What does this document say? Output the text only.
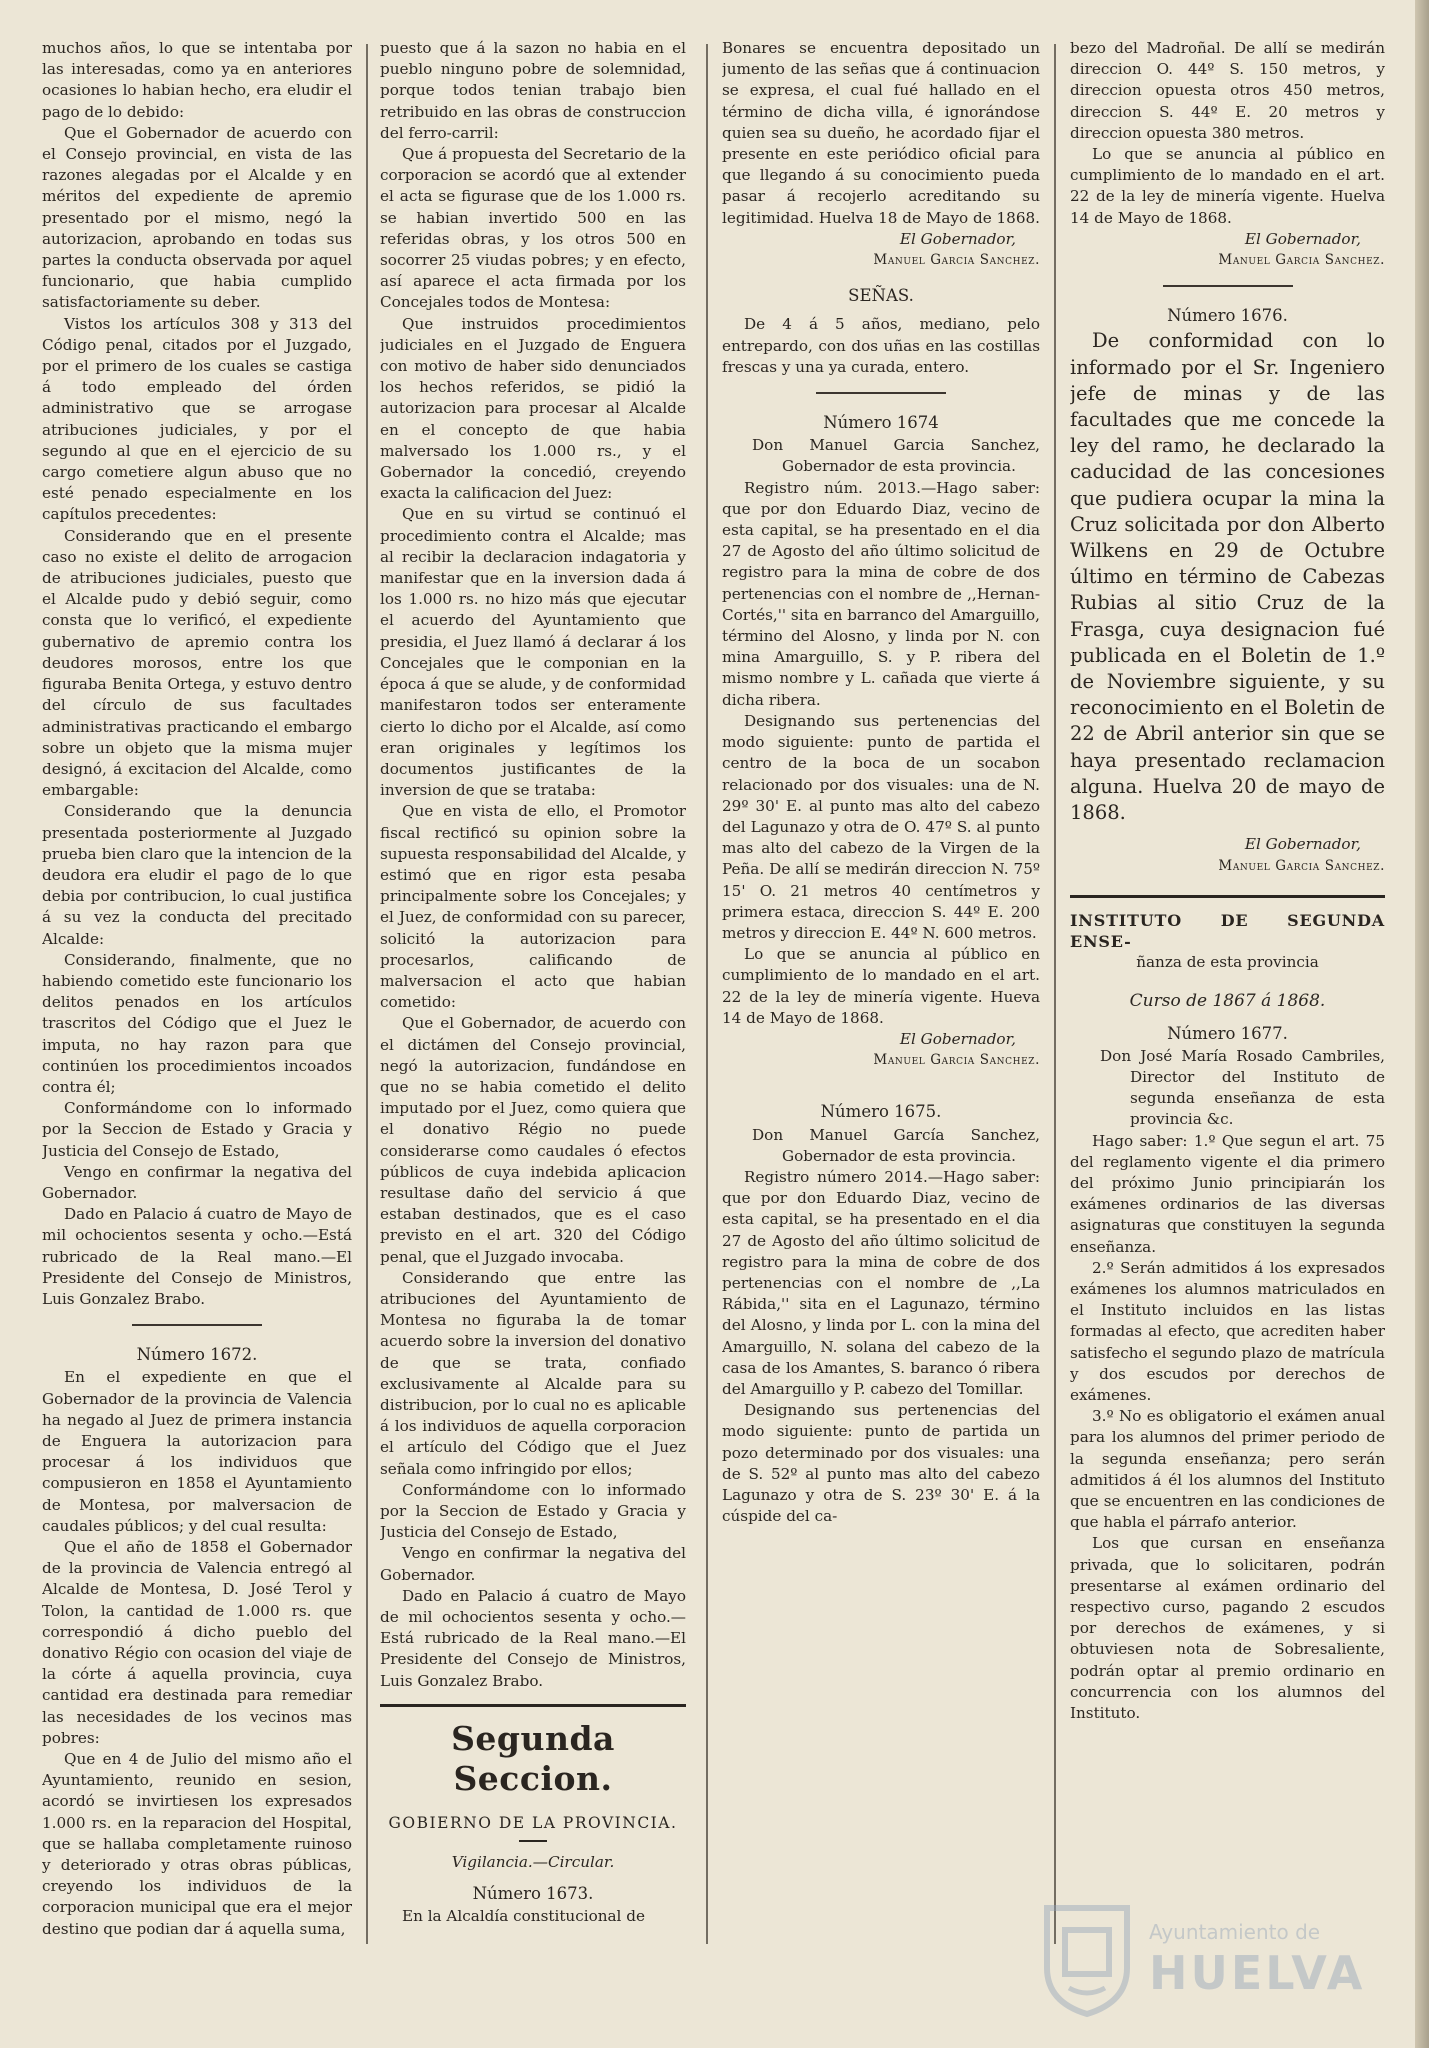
muchos años, lo que se intentaba por las interesadas, como ya en anteriores ocasiones lo habian hecho, era eludir el pago de lo debido:

Que el Gobernador de acuerdo con el Consejo provincial, en vista de las razones alegadas por el Alcalde y en méritos del expediente de apremio presentado por el mismo, negó la autorizacion, aprobando en todas sus partes la conducta observada por aquel funcionario, que habia cumplido satisfactoriamente su deber.

Vistos los artículos 308 y 313 del Código penal, citados por el Juzgado, por el primero de los cuales se castiga á todo empleado del órden administrativo que se arrogase atribuciones judiciales, y por el segundo al que en el ejercicio de su cargo cometiere algun abuso que no esté penado especialmente en los capítulos precedentes:

Considerando que en el presente caso no existe el delito de arrogacion de atribuciones judiciales, puesto que el Alcalde pudo y debió seguir, como consta que lo verificó, el expediente gubernativo de apremio contra los deudores morosos, entre los que figuraba Benita Ortega, y estuvo dentro del círculo de sus facultades administrativas practicando el embargo sobre un objeto que la misma mujer designó, á excitacion del Alcalde, como embargable:

Considerando que la denuncia presentada posteriormente al Juzgado prueba bien claro que la intencion de la deudora era eludir el pago de lo que debia por contribucion, lo cual justifica á su vez la conducta del precitado Alcalde:

Considerando, finalmente, que no habiendo cometido este funcionario los delitos penados en los artículos trascritos del Código que el Juez le imputa, no hay razon para que continúen los procedimientos incoados contra él;

Conformándome con lo informado por la Seccion de Estado y Gracia y Justicia del Consejo de Estado,

Vengo en confirmar la negativa del Gobernador.

Dado en Palacio á cuatro de Mayo de mil ochocientos sesenta y ocho.—Está rubricado de la Real mano.—El Presidente del Consejo de Ministros, Luis Gonzalez Brabo.

Número 1672.

En el expediente en que el Gobernador de la provincia de Valencia ha negado al Juez de primera instancia de Enguera la autorizacion para procesar á los individuos que compusieron en 1858 el Ayuntamiento de Montesa, por malversacion de caudales públicos; y del cual resulta:

Que el año de 1858 el Gobernador de la provincia de Valencia entregó al Alcalde de Montesa, D. José Terol y Tolon, la cantidad de 1.000 rs. que correspondió á dicho pueblo del donativo Régio con ocasion del viaje de la córte á aquella provincia, cuya cantidad era destinada para remediar las necesidades de los vecinos mas pobres:

Que en 4 de Julio del mismo año el Ayuntamiento, reunido en sesion, acordó se invirtiesen los expresados 1.000 rs. en la reparacion del Hospital, que se hallaba completamente ruinoso y deteriorado y otras obras públicas, creyendo los individuos de la corporacion municipal que era el mejor destino que podian dar á aquella suma,

puesto que á la sazon no habia en el pueblo ninguno pobre de solemnidad, porque todos tenian trabajo bien retribuido en las obras de construccion del ferro-carril:

Que á propuesta del Secretario de la corporacion se acordó que al extender el acta se figurase que de los 1.000 rs. se habian invertido 500 en las referidas obras, y los otros 500 en socorrer 25 viudas pobres; y en efecto, así aparece el acta firmada por los Concejales todos de Montesa:

Que instruidos procedimientos judiciales en el Juzgado de Enguera con motivo de haber sido denunciados los hechos referidos, se pidió la autorizacion para procesar al Alcalde en el concepto de que habia malversado los 1.000 rs., y el Gobernador la concedió, creyendo exacta la calificacion del Juez:

Que en su virtud se continuó el procedimiento contra el Alcalde; mas al recibir la declaracion indagatoria y manifestar que en la inversion dada á los 1.000 rs. no hizo más que ejecutar el acuerdo del Ayuntamiento que presidia, el Juez llamó á declarar á los Concejales que le componian en la época á que se alude, y de conformidad manifestaron todos ser enteramente cierto lo dicho por el Alcalde, así como eran originales y legítimos los documentos justificantes de la inversion de que se trataba:

Que en vista de ello, el Promotor fiscal rectificó su opinion sobre la supuesta responsabilidad del Alcalde, y estimó que en rigor esta pesaba principalmente sobre los Concejales; y el Juez, de conformidad con su parecer, solicitó la autorizacion para procesarlos, calificando de malversacion el acto que habian cometido:

Que el Gobernador, de acuerdo con el dictámen del Consejo provincial, negó la autorizacion, fundándose en que no se habia cometido el delito imputado por el Juez, como quiera que el donativo Régio no puede considerarse como caudales ó efectos públicos de cuya indebida aplicacion resultase daño del servicio á que estaban destinados, que es el caso previsto en el art. 320 del Código penal, que el Juzgado invocaba.

Considerando que entre las atribuciones del Ayuntamiento de Montesa no figuraba la de tomar acuerdo sobre la inversion del donativo de que se trata, confiado exclusivamente al Alcalde para su distribucion, por lo cual no es aplicable á los individuos de aquella corporacion el artículo del Código que el Juez señala como infringido por ellos;

Conformándome con lo informado por la Seccion de Estado y Gracia y Justicia del Consejo de Estado,

Vengo en confirmar la negativa del Gobernador.

Dado en Palacio á cuatro de Mayo de mil ochocientos sesenta y ocho.—Está rubricado de la Real mano.—El Presidente del Consejo de Ministros, Luis Gonzalez Brabo.

Segunda Seccion.

GOBIERNO DE LA PROVINCIA.

Vigilancia.—Circular.

Número 1673.

En la Alcaldía constitucional de

Bonares se encuentra depositado un jumento de las señas que á continuacion se expresa, el cual fué hallado en el término de dicha villa, é ignorándose quien sea su dueño, he acordado fijar el presente en este periódico oficial para que llegando á su conocimiento pueda pasar á recojerlo acreditando su legitimidad. Huelva 18 de Mayo de 1868.

El Gobernador,

Manuel Garcia Sanchez.

SEÑAS.

De 4 á 5 años, mediano, pelo entrepardo, con dos uñas en las costillas frescas y una ya curada, entero.

Número 1674

Don Manuel Garcia Sanchez, Gobernador de esta provincia.

Registro núm. 2013.—Hago saber: que por don Eduardo Diaz, vecino de esta capital, se ha presentado en el dia 27 de Agosto del año último solicitud de registro para la mina de cobre de dos pertenencias con el nombre de ,,Hernan-Cortés,'' sita en barranco del Amarguillo, término del Alosno, y linda por N. con mina Amarguillo, S. y P. ribera del mismo nombre y L. cañada que vierte á dicha ribera.

Designando sus pertenencias del modo siguiente: punto de partida el centro de la boca de un socabon relacionado por dos visuales: una de N. 29º 30' E. al punto mas alto del cabezo del Lagunazo y otra de O. 47º S. al punto mas alto del cabezo de la Virgen de la Peña. De allí se medirán direccion N. 75º 15' O. 21 metros 40 centímetros y primera estaca, direccion S. 44º E. 200 metros y direccion E. 44º N. 600 metros.

Lo que se anuncia al público en cumplimiento de lo mandado en el art. 22 de la ley de minería vigente. Hueva 14 de Mayo de 1868.

El Gobernador,

Manuel Garcia Sanchez.

Número 1675.

Don Manuel García Sanchez, Gobernador de esta provincia.

Registro número 2014.—Hago saber: que por don Eduardo Diaz, vecino de esta capital, se ha presentado en el dia 27 de Agosto del año último solicitud de registro para la mina de cobre de dos pertenencias con el nombre de ,,La Rábida,'' sita en el Lagunazo, término del Alosno, y linda por L. con la mina del Amarguillo, N. solana del cabezo de la casa de los Amantes, S. baranco ó ribera del Amarguillo y P. cabezo del Tomillar.

Designando sus pertenencias del modo siguiente: punto de partida un pozo determinado por dos visuales: una de S. 52º al punto mas alto del cabezo Lagunazo y otra de S. 23º 30' E. á la cúspide del ca-

bezo del Madroñal. De allí se medirán direccion O. 44º S. 150 metros, y direccion opuesta otros 450 metros, direccion S. 44º E. 20 metros y direccion opuesta 380 metros.

Lo que se anuncia al público en cumplimiento de lo mandado en el art. 22 de la ley de minería vigente. Huelva 14 de Mayo de 1868.

El Gobernador,

Manuel Garcia Sanchez.

Número 1676.

De conformidad con lo informado por el Sr. Ingeniero jefe de minas y de las facultades que me concede la ley del ramo, he declarado la caducidad de las concesiones que pudiera ocupar la mina la Cruz solicitada por don Alberto Wilkens en 29 de Octubre último en término de Cabezas Rubias al sitio Cruz de la Frasga, cuya designacion fué publicada en el Boletin de 1.º de Noviembre siguiente, y su reconocimiento en el Boletin de 22 de Abril anterior sin que se haya presentado reclamacion alguna. Huelva 20 de mayo de 1868.

El Gobernador,

Manuel Garcia Sanchez.

INSTITUTO DE SEGUNDA ENSE-

ñanza de esta provincia

Curso de 1867 á 1868.

Número 1677.

Don José María Rosado Cambriles, Director del Instituto de segunda enseñanza de esta provincia &c.

Hago saber: 1.º Que segun el art. 75 del reglamento vigente el dia primero del próximo Junio principiarán los exámenes ordinarios de las diversas asignaturas que constituyen la segunda enseñanza.

2.º Serán admitidos á los expresados exámenes los alumnos matriculados en el Instituto incluidos en las listas formadas al efecto, que acrediten haber satisfecho el segundo plazo de matrícula y dos escudos por derechos de exámenes.

3.º No es obligatorio el exámen anual para los alumnos del primer periodo de la segunda enseñanza; pero serán admitidos á él los alumnos del Instituto que se encuentren en las condiciones de que habla el párrafo anterior.

Los que cursan en enseñanza privada, que lo solicitaren, podrán presentarse al exámen ordinario del respectivo curso, pagando 2 escudos por derechos de exámenes, y si obtuviesen nota de Sobresaliente, podrán optar al premio ordinario en concurrencia con los alumnos del Instituto.

Ayuntamiento de
HUELVA
